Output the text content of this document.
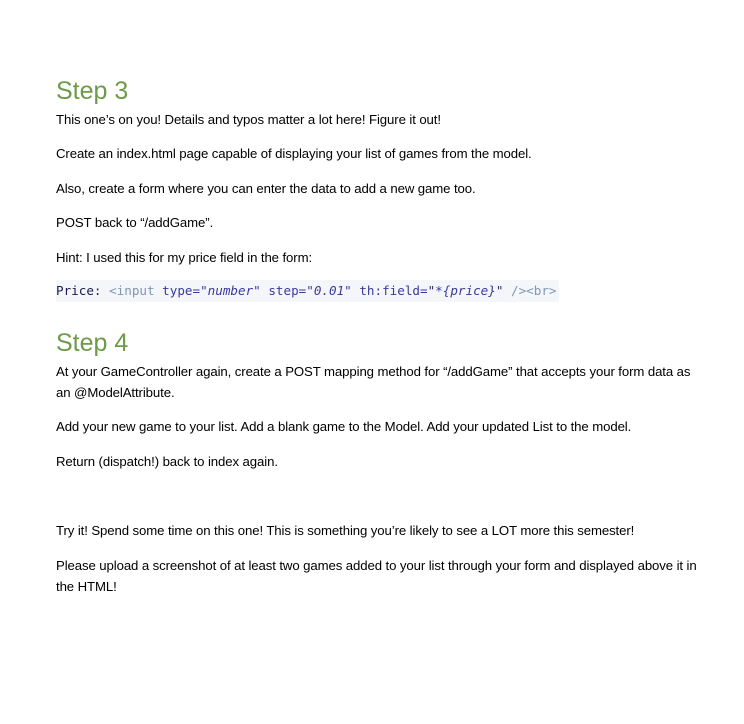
Step 3
This one’s on you! Details and typos matter a lot here! Figure it out!
Create an index.html page capable of displaying your list of games from the model.
Also, create a form where you can enter the data to add a new game too.
POST back to “/addGame”.
Hint: I used this for my price field in the form:
Price: <input type="number" step="0.01" th:field="*{price}" /><br>
Step 4
At your GameController again, create a POST mapping method for “/addGame” that accepts your form data as an @ModelAttribute.
Add your new game to your list. Add a blank game to the Model. Add your updated List to the model.
Return (dispatch!) back to index again.
Try it! Spend some time on this one! This is something you’re likely to see a LOT more this semester!
Please upload a screenshot of at least two games added to your list through your form and displayed above it in the HTML!
